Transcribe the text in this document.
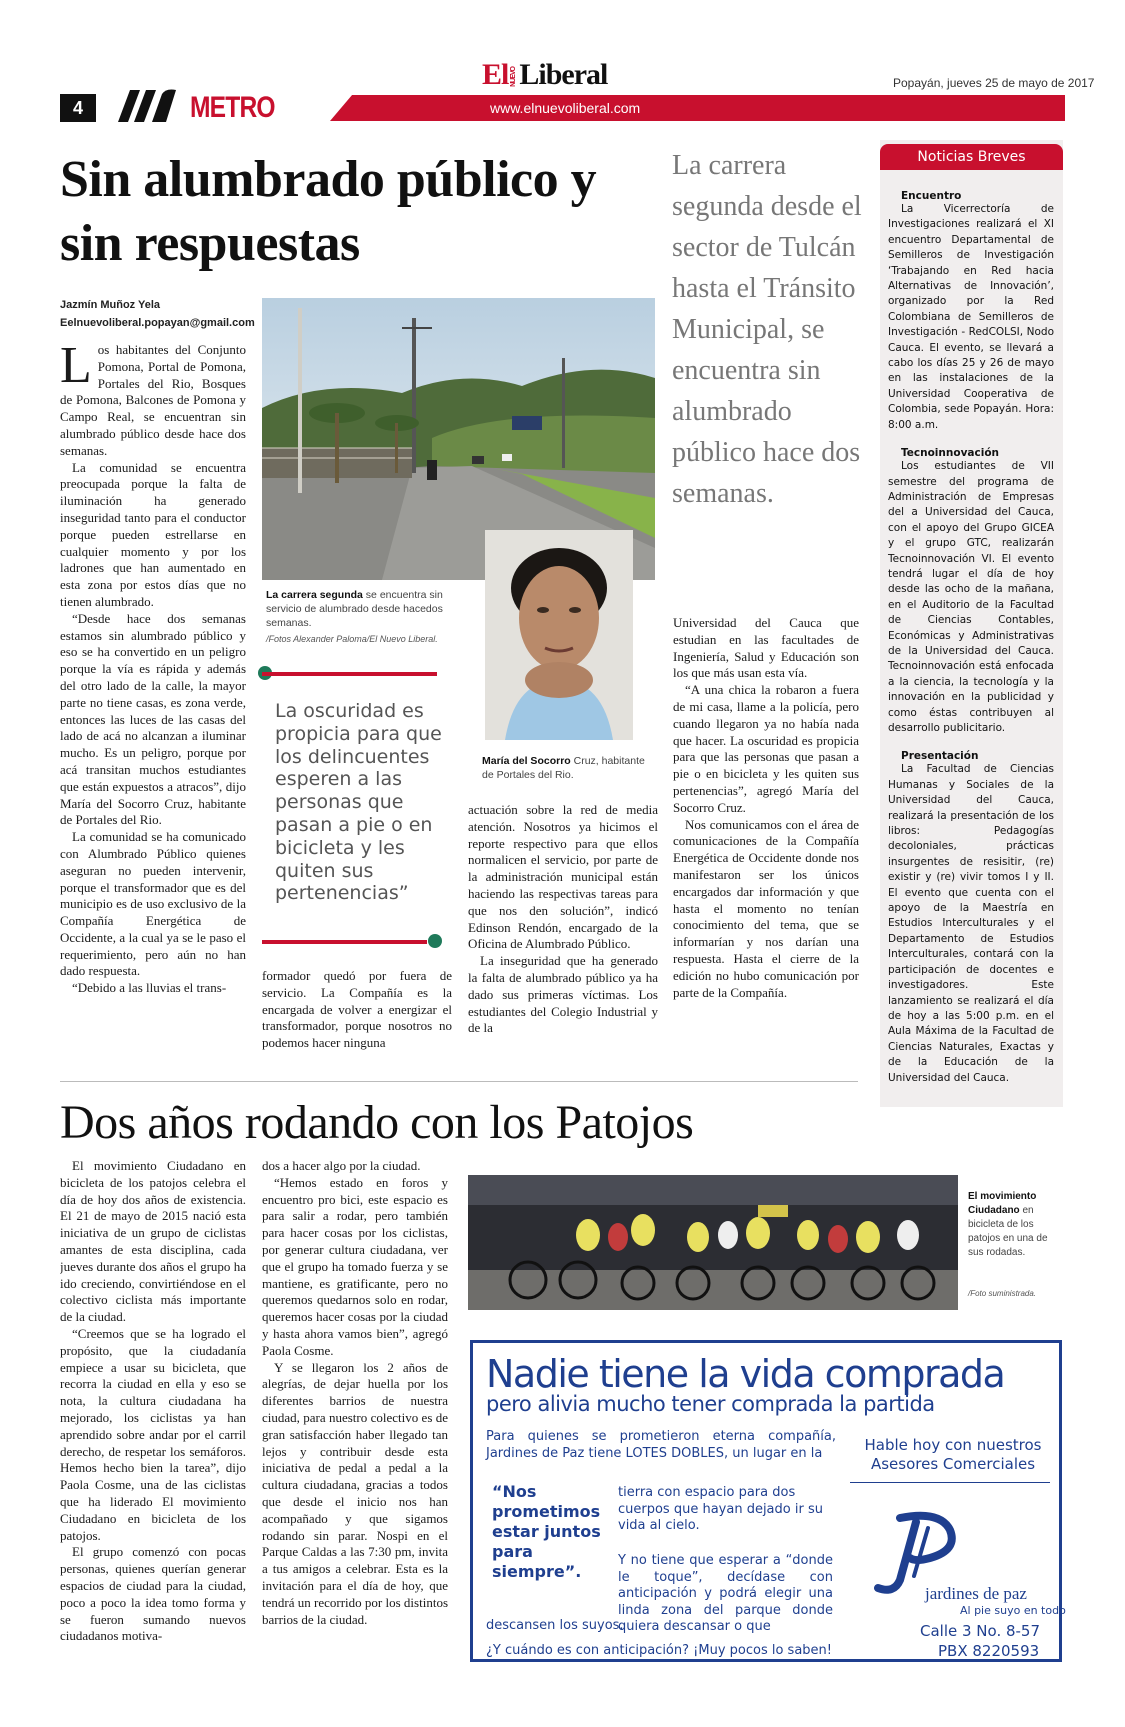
4	METRO	www.elnuevoliberal.com
El NUEVOLiberal	Popayán, jueves 25 de mayo de 2017
Sin alumbrado público y sin respuestas
Jazmín Muñoz Yela
Eelnuevoliberal.popayan@gmail.com

Los habitantes del Conjunto Pomona, Portal de Pomona, Portales del Rio, Bosques de Pomona, Balcones de Pomona y Campo Real, se encuentran sin alumbrado público desde hace dos semanas.

La comunidad se encuentra preocupada porque la falta de iluminación ha generado inseguridad tanto para el conductor porque pueden estrellarse en cualquier momento y por los ladrones que han aumentado en esta zona por estos días que no tienen alumbrado.

“Desde hace dos semanas estamos sin alumbrado público y eso se ha convertido en un peligro porque la vía es rápida y además del otro lado de la calle, la mayor parte no tiene casas, es zona verde, entonces las luces de las casas del lado de acá no alcanzan a iluminar mucho. Es un peligro, porque por acá transitan muchos estudiantes que están expuestos a atracos”, dijo María del Socorro Cruz, habitante de Portales del Rio.

La comunidad se ha comunicado con Alumbrado Público quienes aseguran no pueden intervenir, porque el transformador que es del municipio es de uso exclusivo de la Compañía Energética de Occidente, a la cual ya se le paso el requerimiento, pero aún no han dado respuesta.

“Debido a las lluvias el trans-

La carrera segunda se encuentra sin servicio de alumbrado desde hacedos semanas.
/Fotos Alexander Paloma/El Nuevo Liberal.
María del Socorro Cruz, habitante de Portales del Rio.
La oscuridad es propicia para que los delincuentes esperen a las personas que pasan a pie o en bicicleta y les quiten sus pertenencias”

formador quedó por fuera de servicio. La Compañía es la encargada de volver a energizar el transformador, porque nosotros no podemos hacer ninguna

actuación sobre la red de media atención. Nosotros ya hicimos el reporte respectivo para que ellos normalicen el servicio, por parte de la administración municipal están haciendo las respectivas tareas para que nos den solución”, indicó Edinson Rendón, encargado de la Oficina de Alumbrado Público.

La inseguridad que ha generado la falta de alumbrado público ya ha dado sus primeras víctimas. Los estudiantes del Colegio Industrial y de la

La carrera segunda desde el sector de Tulcán hasta el Tránsito Municipal, se encuentra sin alumbrado público hace dos semanas.

Universidad del Cauca que estudian en las facultades de Ingeniería, Salud y Educación son los que más usan esta vía.

“A una chica la robaron a fuera de mi casa, llame a la policía, pero cuando llegaron ya no había nada que hacer. La oscuridad es propicia para que las personas que pasan a pie o en bicicleta y les quiten sus pertenencias”, agregó María del Socorro Cruz.

Nos comunicamos con el área de comunicaciones de la Compañía Energética de Occidente donde nos manifestaron ser los únicos encargados dar información y que hasta el momento no tenían conocimiento del tema, que se informarían y nos darían una respuesta. Hasta el cierre de la edición no hubo comunicación por parte de la Compañía.

Noticias Breves
Encuentro

La Vicerrectoría de Investigaciones realizará el XI encuentro Departamental de Semilleros de Investigación ‘Trabajando en Red hacia Alternativas de Innovación’, organizado por la Red Colombiana de Semilleros de Investigación - RedCOLSI, Nodo Cauca. El evento, se llevará a cabo los días 25 y 26 de mayo en las instalaciones de la Universidad Cooperativa de Colombia, sede Popayán. Hora: 8:00 a.m.

Tecnoinnovación

Los estudiantes de VII semestre del programa de Administración de Empresas del a Universidad del Cauca, con el apoyo del Grupo GICEA y el grupo GTC, realizarán Tecnoinnovación VI. El evento tendrá lugar el día de hoy desde las ocho de la mañana, en el Auditorio de la Facultad de Ciencias Contables, Económicas y Administrativas de la Universidad del Cauca. Tecnoinnovación está enfocada a la ciencia, la tecnología y la innovación en la publicidad y como éstas contribuyen al desarrollo publicitario.

Presentación

La Facultad de Ciencias Humanas y Sociales de la Universidad del Cauca, realizará la presentación de los libros: Pedagogías decoloniales, prácticas insurgentes de resisitir, (re) existir y (re) vivir tomos I y II. El evento que cuenta con el apoyo de la Maestría en Estudios Interculturales y el Departamento de Estudios Interculturales, contará con la participación de docentes e investigadores. Este lanzamiento se realizará el día de hoy a las 5:00 p.m. en el Aula Máxima de la Facultad de Ciencias Naturales, Exactas y de la Educación de la Universidad del Cauca.

Dos años rodando con los Patojos

El movimiento Ciudadano en bicicleta de los patojos celebra el día de hoy dos años de existencia. El 21 de mayo de 2015 nació esta iniciativa de un grupo de ciclistas amantes de esta disciplina, cada jueves durante dos años el grupo ha ido creciendo, convirtiéndose en el colectivo ciclista más importante de la ciudad.

“Creemos que se ha logrado el propósito, que la ciudadanía empiece a usar su bicicleta, que recorra la ciudad en ella y eso se nota, la cultura ciudadana ha mejorado, los ciclistas ya han aprendido sobre andar por el carril derecho, de respetar los semáforos. Hemos hecho bien la tarea”, dijo Paola Cosme, una de las ciclistas que ha liderado El movimiento Ciudadano en bicicleta de los patojos.

El grupo comenzó con pocas personas, quienes querían generar espacios de ciudad para la ciudad, poco a poco la idea tomo forma y se fueron sumando nuevos ciudadanos motiva-

dos a hacer algo por la ciudad.

“Hemos estado en foros y encuentro pro bici, este espacio es para salir a rodar, pero también para hacer cosas por los ciclistas, por generar cultura ciudadana, ver que el grupo ha tomado fuerza y se mantiene, es gratificante, pero no queremos quedarnos solo en rodar, queremos hacer cosas por la ciudad y hasta ahora vamos bien”, agregó Paola Cosme.

Y se llegaron los 2 años de alegrías, de dejar huella por los diferentes barrios de nuestra ciudad, para nuestro colectivo es de gran satisfacción haber llegado tan lejos y contribuir desde esta iniciativa de pedal a pedal a la cultura ciudadana, gracias a todos que desde el inicio nos han acompañado y que sigamos rodando sin parar. Nospi en el Parque Caldas a las 7:30 pm, invita a tus amigos a celebrar. Esta es la invitación para el día de hoy, que tendrá un recorrido por los distintos barrios de la ciudad.

El movimiento Ciudadano en bicicleta de los patojos en una de sus rodadas.
/Foto suministrada.
Nadie tiene la vida comprada
pero alivia mucho tener comprada la partida
Para quienes se prometieron eterna compañía, Jardines de Paz tiene LOTES DOBLES, un lugar en la
“Nos prometimos estar juntos para siempre”.
tierra con espacio para dos cuerpos que hayan dejado ir su vida al cielo.
Y no tiene que esperar a “donde le toque”, decídase con anticipación y podrá elegir una linda zona del parque donde quiera descansar o que
descansen los suyos.
¿Y cuándo es con anticipación? ¡Muy pocos lo saben!
Hable hoy con nuestros Asesores Comerciales
jardines de paz
Al pie suyo en todo
Calle 3 No. 8-57
PBX 8220593
